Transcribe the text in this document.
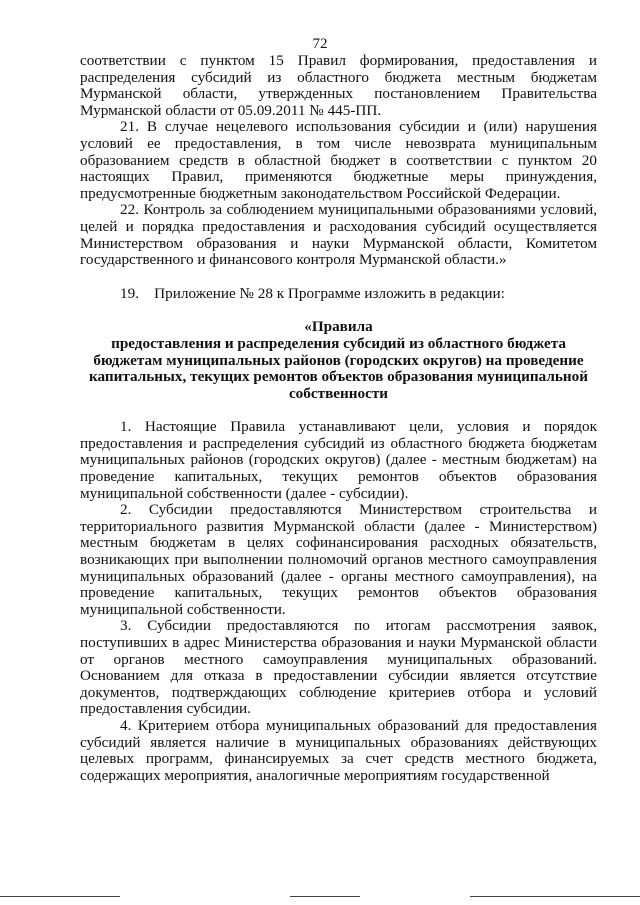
72

соответствии с пунктом 15 Правил формирования, предоставления и распределения субсидий из областного бюджета местным бюджетам Мурманской области, утвержденных постановлением Правительства Мурманской области от 05.09.2011 № 445-ПП.

21. В случае нецелевого использования субсидии и (или) нарушения условий ее предоставления, в том числе невозврата муниципальным образованием средств в областной бюджет в соответствии с пунктом 20 настоящих Правил, применяются бюджетные меры принуждения, предусмотренные бюджетным законодательством Российской Федерации.

22. Контроль за соблюдением муниципальными образованиями условий, целей и порядка предоставления и расходования субсидий осуществляется Министерством образования и науки Мурманской области, Комитетом государственного и финансового контроля Мурманской области.»

19.    Приложение № 28 к Программе изложить в редакции:

«Правила

предоставления и распределения субсидий из областного бюджета бюджетам муниципальных районов (городских округов) на проведение капитальных, текущих ремонтов объектов образования муниципальной собственности

1. Настоящие Правила устанавливают цели, условия и порядок предоставления и распределения субсидий из областного бюджета бюджетам муниципальных районов (городских округов) (далее - местным бюджетам) на проведение капитальных, текущих ремонтов объектов образования муниципальной собственности (далее - субсидии).

2. Субсидии предоставляются Министерством строительства и территориального развития Мурманской области (далее - Министерством) местным бюджетам в целях софинансирования расходных обязательств, возникающих при выполнении полномочий органов местного самоуправления муниципальных образований (далее - органы местного самоуправления), на проведение капитальных, текущих ремонтов объектов образования муниципальной собственности.

3. Субсидии предоставляются по итогам рассмотрения заявок, поступивших в адрес Министерства образования и науки Мурманской области от органов местного самоуправления муниципальных образований. Основанием для отказа в предоставлении субсидии является отсутствие документов, подтверждающих соблюдение критериев отбора и условий предоставления субсидии.

4. Критерием отбора муниципальных образований для предоставления субсидий является наличие в муниципальных образованиях действующих целевых программ, финансируемых за счет средств местного бюджета, содержащих мероприятия, аналогичные мероприятиям государственной
